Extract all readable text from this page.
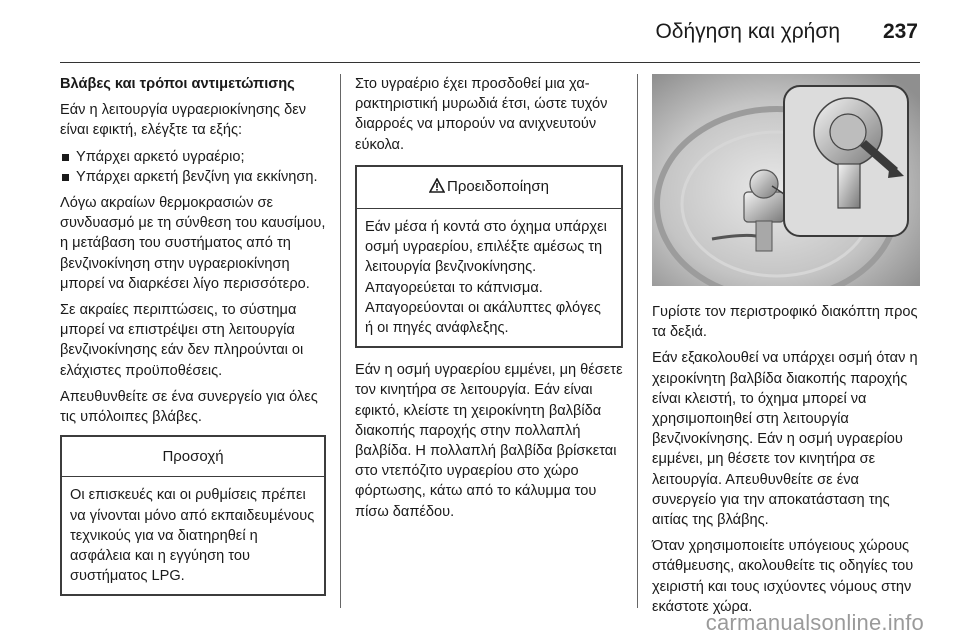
Οδήγηση και χρήση 237

Βλάβες και τρόποι αντιμετώπισης

Εάν η λειτουργία υγραεριοκίνησης δεν είναι εφικτή, ελέγξτε τα εξής:

Υπάρχει αρκετό υγραέριο;
Υπάρχει αρκετή βενζίνη για εκκίνηση.

Λόγω ακραίων θερμοκρασιών σε συνδυασμό με τη σύνθεση του καυσίμου, η μετάβαση του συστήματος από τη βενζινοκίνηση στην υγραεριοκίνηση μπορεί να διαρκέσει λίγο περισσότερο.

Σε ακραίες περιπτώσεις, το σύστημα μπορεί να επιστρέψει στη λειτουργία βενζινοκίνησης εάν δεν πληρούνται οι ελάχιστες προϋποθέσεις.

Απευθυνθείτε σε ένα συνεργείο για όλες τις υπόλοιπες βλάβες.

Προσοχή
Οι επισκευές και οι ρυθμίσεις πρέπει να γίνονται μόνο από εκπαιδευμένους τεχνικούς για να διατηρηθεί η ασφάλεια και η εγγύηση του συστήματος LPG.

Στο υγραέριο έχει προσδοθεί μια χαρακτηριστική μυρωδιά έτσι, ώστε τυχόν διαρροές να μπορούν να ανιχνευτούν εύκολα.

Προειδοποίηση
Εάν μέσα ή κοντά στο όχημα υπάρχει οσμή υγραερίου, επιλέξτε αμέσως τη λειτουργία βενζινοκίνησης. Απαγορεύεται το κάπνισμα. Απαγορεύονται οι ακάλυπτες φλόγες ή οι πηγές ανάφλεξης.

Εάν η οσμή υγραερίου εμμένει, μη θέσετε τον κινητήρα σε λειτουργία. Εάν είναι εφικτό, κλείστε τη χειροκίνητη βαλβίδα διακοπής παροχής στην πολλαπλή βαλβίδα. Η πολλαπλή βαλβίδα βρίσκεται στο ντεπόζιτο υγραερίου στο χώρο φόρτωσης, κάτω από το κάλυμμα του πίσω δαπέδου.

Γυρίστε τον περιστροφικό διακόπτη προς τα δεξιά.

Εάν εξακολουθεί να υπάρχει οσμή όταν η χειροκίνητη βαλβίδα διακοπής παροχής είναι κλειστή, το όχημα μπορεί να χρησιμοποιηθεί στη λειτουργία βενζινοκίνησης. Εάν η οσμή υγραερίου εμμένει, μη θέσετε τον κινητήρα σε λειτουργία. Απευθυνθείτε σε ένα συνεργείο για την αποκατάσταση της αιτίας της βλάβης.

Όταν χρησιμοποιείτε υπόγειους χώρους στάθμευσης, ακολουθείτε τις οδηγίες του χειριστή και τους ισχύοντες νόμους στην εκάστοτε χώρα.

carmanualsonline.info
